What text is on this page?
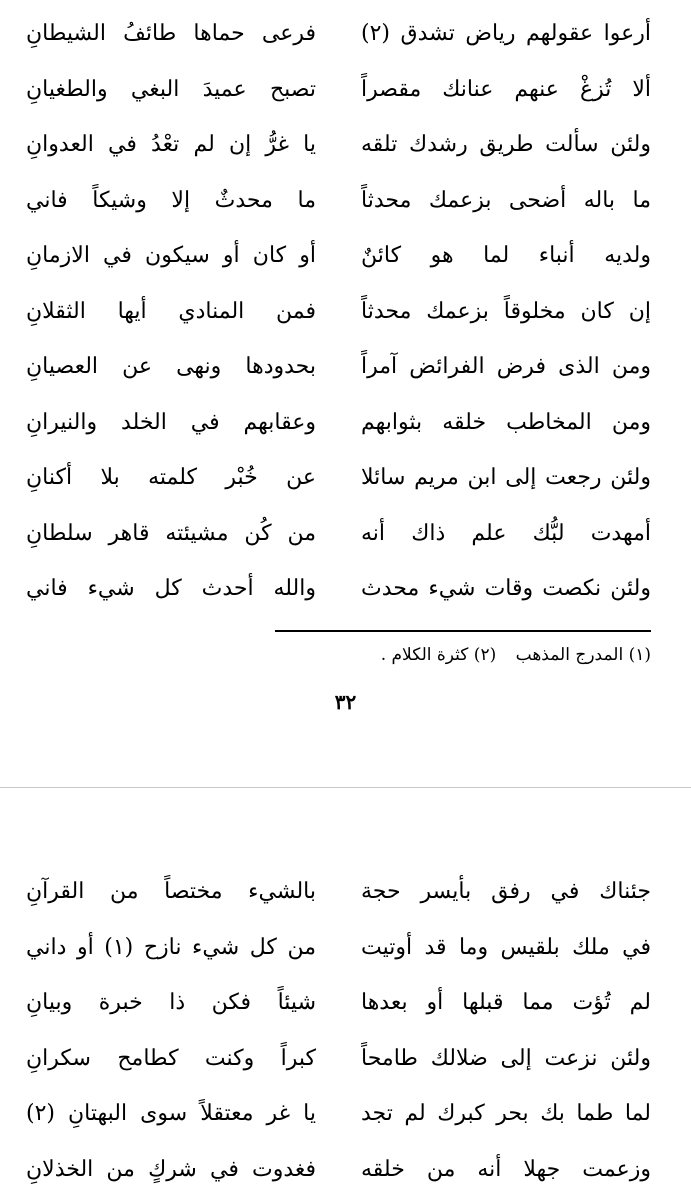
أرعوا عقولهم رياض تشدق (٢)
فرعى حماها طائفُ الشيطانِ
ألا تُزغْ عنهم عنانك مقصراً
تصبح عميدَ البغي والطغيانِ
ولئن سألت طريق رشدك تلقه
يا غرُّ إن لم تعْدُ في العدوانِ
ما باله أضحى بزعمك محدثاً
ما محدثٌ إلا وشيكاً فاني
ولديه أنباء لما هو كائنٌ
أو كان أو سيكون في الازمانِ
إن كان مخلوقاً بزعمك محدثاً
فمن المنادي أيها الثقلانِ
ومن الذى فرض الفرائض آمراً
بحدودها ونهى عن العصيانِ
ومن المخاطب خلقه بثوابهم
وعقابهم في الخلد والنيرانِ
ولئن رجعت إلى ابن مريم سائلا
عن خُبْر كلمته بلا أكنانِ
أمهدت لبُّك علم ذاك أنه
من كُن مشيئته قاهر سلطانِ
ولئن نكصت وقات شيء محدث
والله أحدث كل شيء فاني
(١) المدرج المذهب (٢) كثرة الكلام .
٣٢
جئناك في رفق بأيسر حجة
بالشيء مختصاً من القرآنِ
في ملك بلقيس وما قد أوتيت
من كل شيء نازح (١) أو داني
لم تُؤت مما قبلها أو بعدها
شيئاً فكن ذا خبرة وبيانِ
ولئن نزعت إلى ضلالك طامحاً
كبراً وكنت كطامح سكرانِ
لما طما بك بحر كبرك لم تجد
يا غر معتقلاً سوى البهتانِ (٢)
وزعمت جهلا أنه من خلقه
فغدوت في شركٍ من الخذلانِ
